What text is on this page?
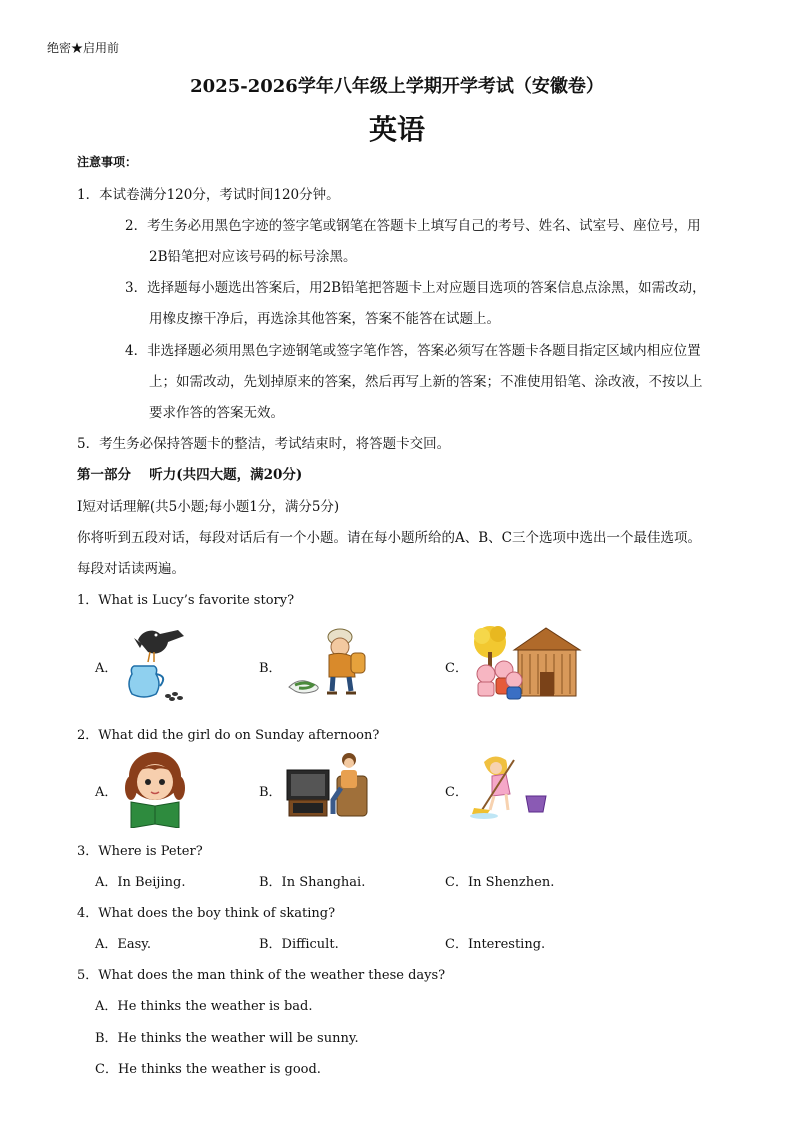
绝密★启用前
2025-2026学年八年级上学期开学考试（安徽卷）
英语
注意事项：
1．本试卷满分120分，考试时间120分钟。
2．考生务必用黑色字迹的签字笔或钢笔在答题卡上填写自己的考号、姓名、试室号、座位号，用
2B铅笔把对应该号码的标号涂黑。
3．选择题每小题选出答案后，用2B铅笔把答题卡上对应题目选项的答案信息点涂黑，如需改动，
用橡皮擦干净后，再选涂其他答案，答案不能答在试题上。
4．非选择题必须用黑色字迹钢笔或签字笔作答，答案必须写在答题卡各题目指定区域内相应位置
上；如需改动，先划掉原来的答案，然后再写上新的答案；不准使用铅笔、涂改液，不按以上
要求作答的答案无效。
5．考生务必保持答题卡的整洁，考试结束时，将答题卡交回。
第一部分　 听力(共四大题，满20分)
Ⅰ短对话理解(共5小题;每小题1分，满分5分)
你将听到五段对话，每段对话后有一个小题。请在每小题所给的A、B、C三个选项中选出一个最佳选项。
每段对话读两遍。
1．What is Lucy’s favorite story?
A．	B．	C．
2．What did the girl do on Sunday afternoon?
A．	B．	C．
3．Where is Peter?
A．In Beijing.	B．In Shanghai.	C．In Shenzhen.
4．What does the boy think of skating?
A．Easy.	B．Difficult.	C．Interesting.
5．What does the man think of the weather these days?
A．He thinks the weather is bad.
B．He thinks the weather will be sunny.
C．He thinks the weather is good.
